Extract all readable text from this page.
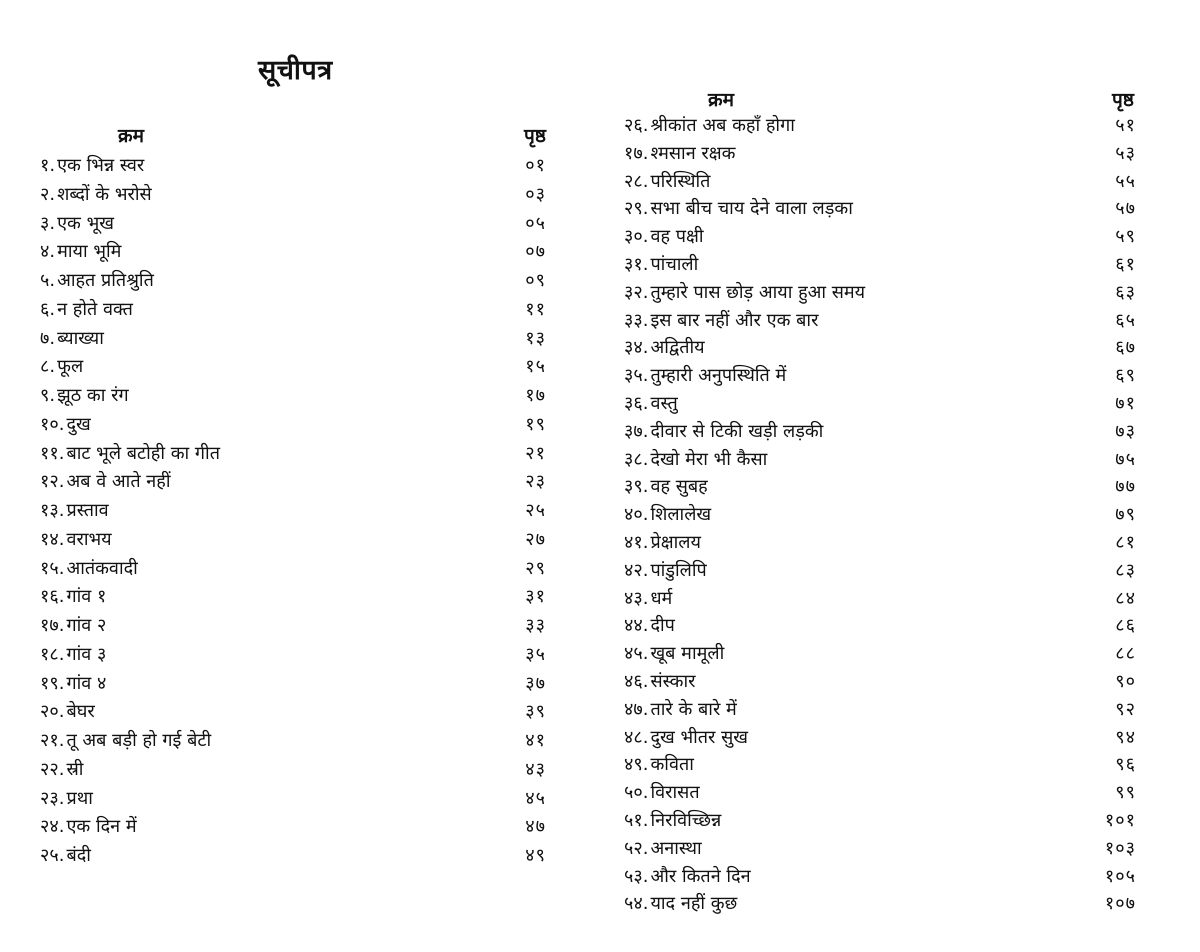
सूचीपत्र
क्रम	पृष्ठ
१. एक भिन्न स्वर	०१
२. शब्दों के भरोसे	०३
३. एक भूख	०५
४. माया भूमि	०७
५. आहत प्रतिश्रुति	०९
६. न होते वक्त	११
७. ब्याख्या	१३
८. फूल	१५
९. झूठ का रंग	१७
१०. दुख	१९
११. बाट भूले बटोही का गीत	२१
१२. अब वे आते नहीं	२३
१३. प्रस्ताव	२५
१४. वराभय	२७
१५. आतंकवादी	२९
१६. गांव १	३१
१७. गांव २	३३
१८. गांव ३	३५
१९. गांव ४	३७
२०. बेघर	३९
२१. तू अब बड़ी हो गई बेटी	४१
२२. स्री	४३
२३. प्रथा	४५
२४. एक दिन में	४७
२५. बंदी	४९
क्रम	पृष्ठ
२६. श्रीकांत अब कहाँ होगा	५१
१७. श्मसान रक्षक	५३
२८. परिस्थिति	५५
२९. सभा बीच चाय देने वाला लड़का	५७
३०. वह पक्षी	५९
३१. पांचाली	६१
३२. तुम्हारे पास छोड़ आया हुआ समय	६३
३३. इस बार नहीं और एक बार	६५
३४. अद्वितीय	६७
३५. तुम्हारी अनुपस्थिति में	६९
३६. वस्तु	७१
३७. दीवार से टिकी खड़ी लड़की	७३
३८. देखो मेरा भी कैसा	७५
३९. वह सुबह	७७
४०. शिलालेख	७९
४१. प्रेक्षालय	८१
४२. पांडुलिपि	८३
४३. धर्म	८४
४४. दीप	८६
४५. खूब मामूली	८८
४६. संस्कार	९०
४७. तारे के बारे में	९२
४८. दुख भीतर सुख	९४
४९. कविता	९६
५०. विरासत	९९
५१. निरविच्छिन्न	१०१
५२. अनास्था	१०३
५३. और कितने दिन	१०५
५४. याद नहीं कुछ	१०७
